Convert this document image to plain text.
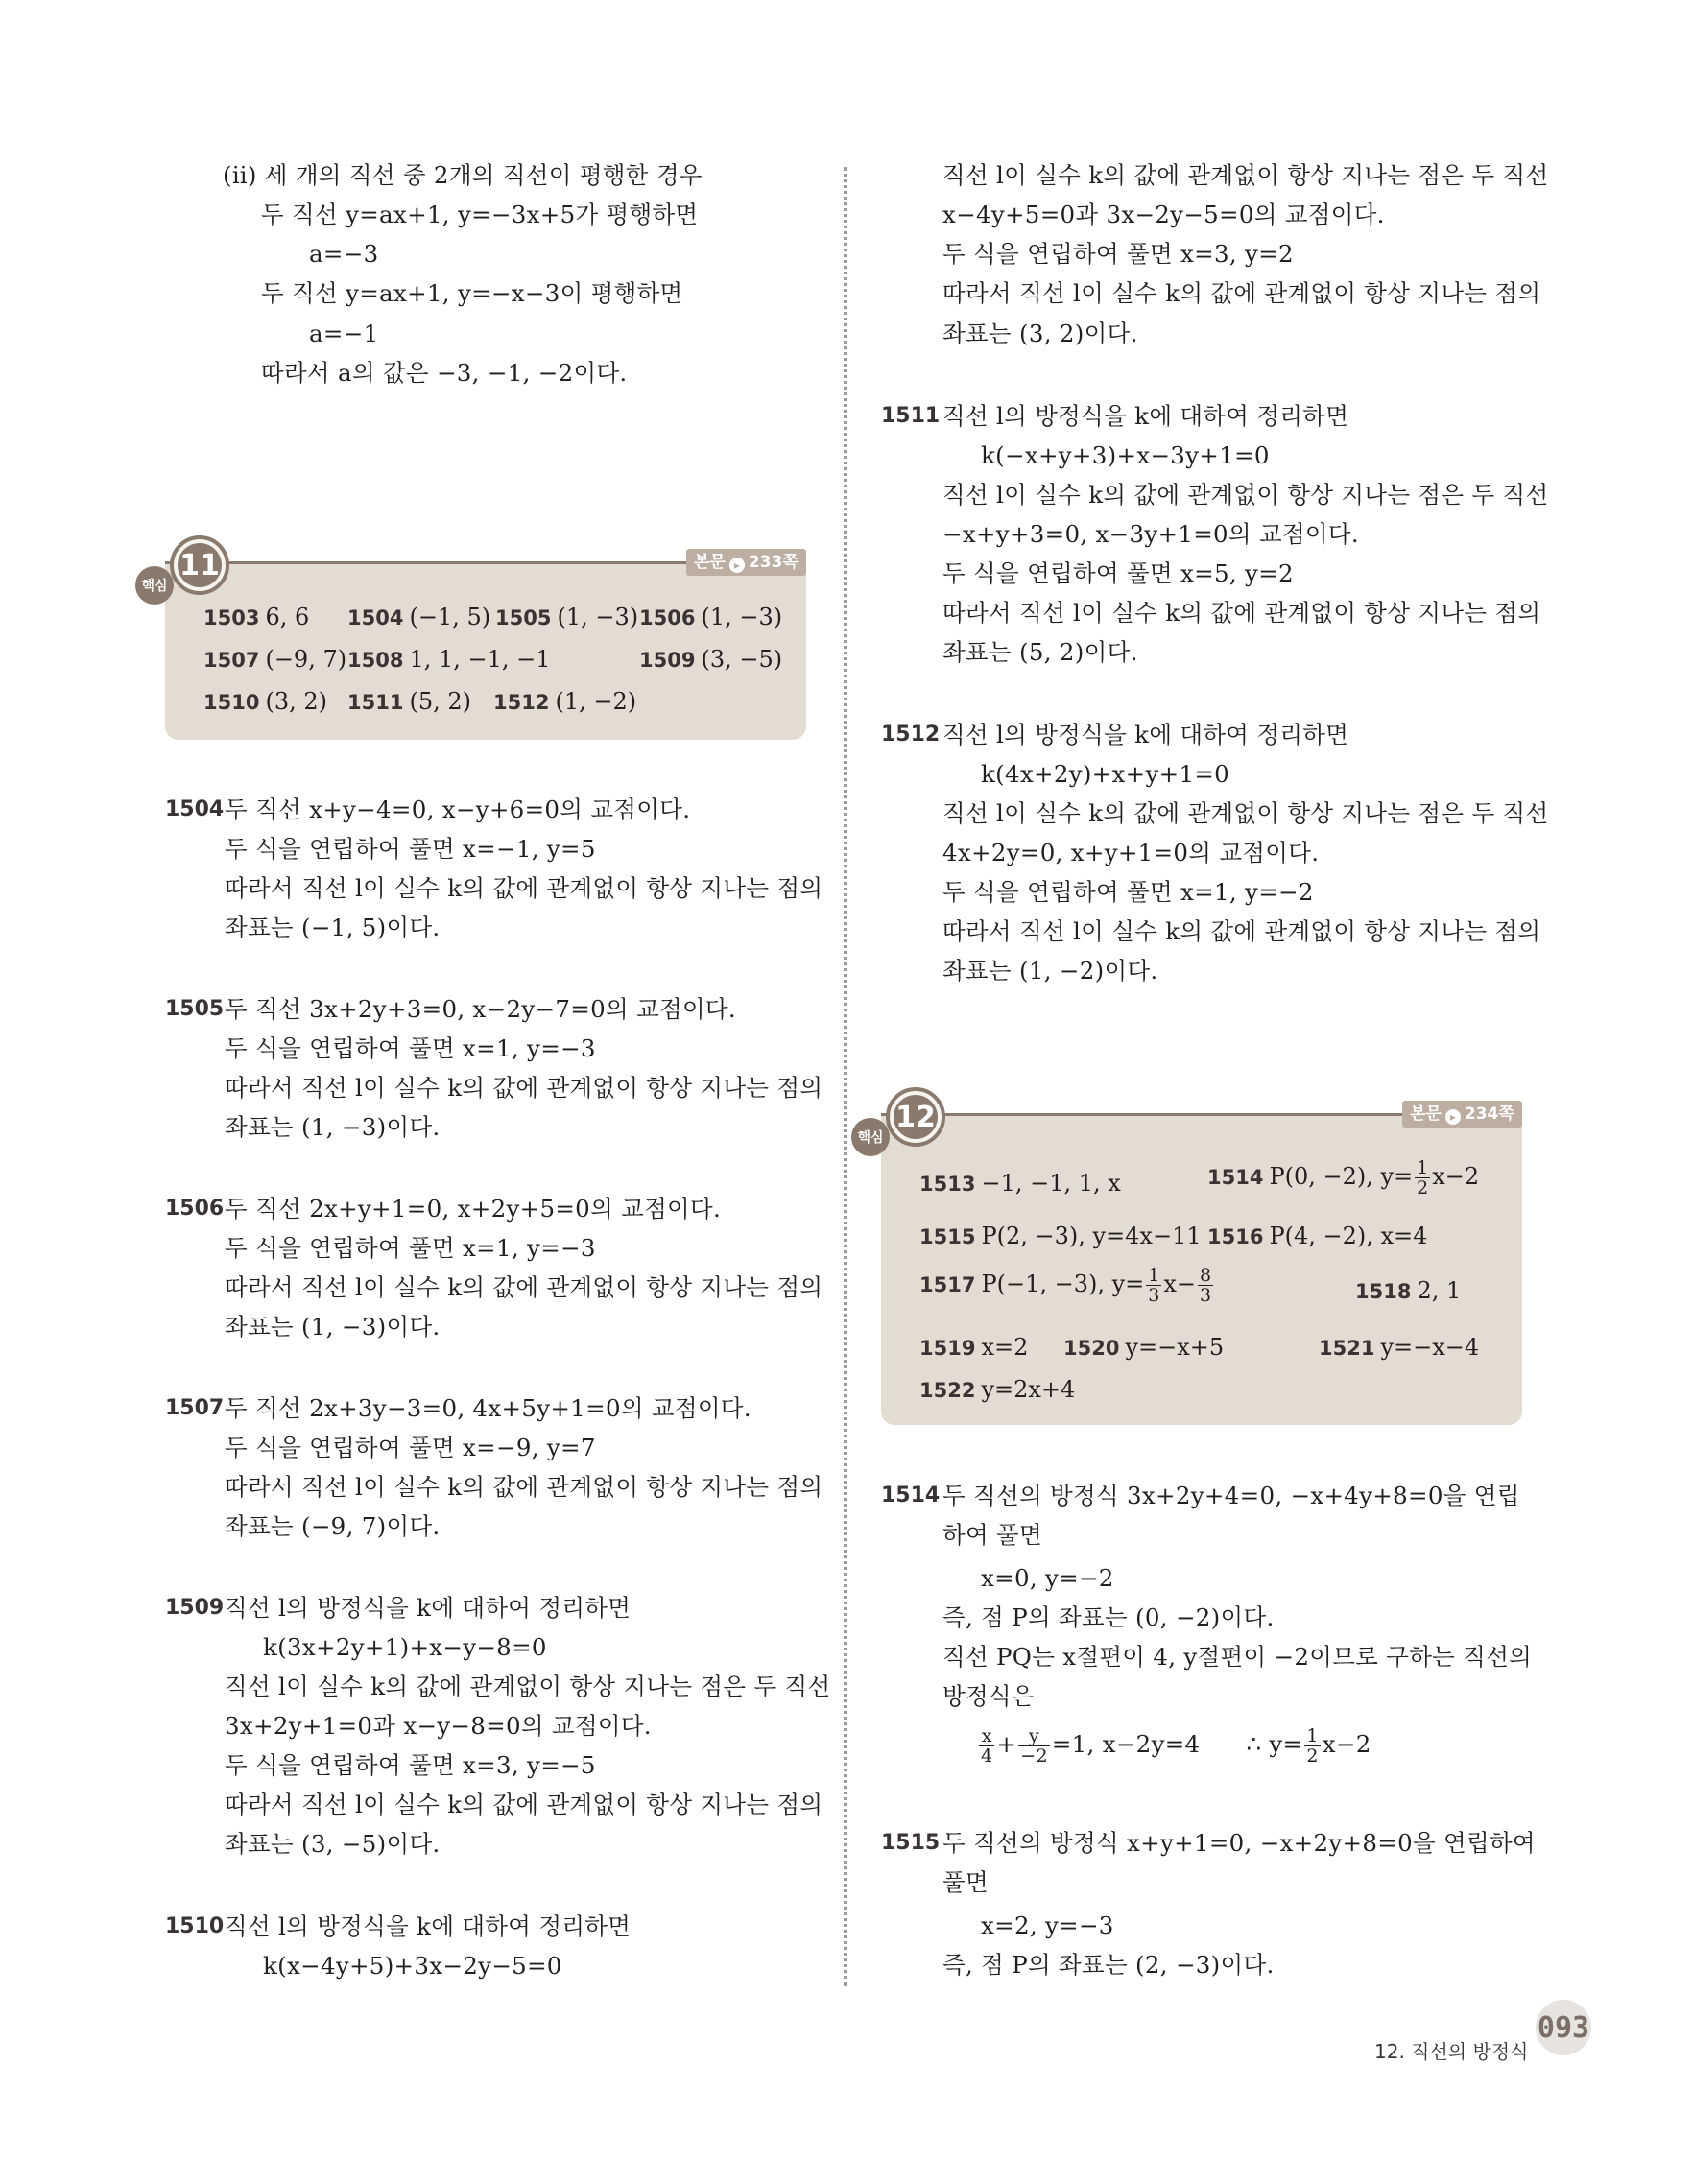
(ⅱ) 세 개의 직선 중 2개의 직선이 평행한 경우
두 직선 y=ax+1, y=−3x+5가 평행하면
a=−3
두 직선 y=ax+1, y=−x−3이 평행하면
a=−1
따라서 a의 값은 −3, −1, −2이다.
1503 6, 6 1504 (−1, 5) 1505 (1, −3) 1506 (1, −3)
1507 (−9, 7) 1508 1, 1, −1, −1	1509 (3, −5)
1510 (3, 2) 1511 (5, 2) 1512 (1, −2)
11
핵심
본문 ▸ 233쪽
1504 두 직선 x+y−4=0, x−y+6=0의 교점이다.
두 식을 연립하여 풀면 x=−1, y=5
따라서 직선 l이 실수 k의 값에 관계없이 항상 지나는 점의
좌표는 (−1, 5)이다.
1505 두 직선 3x+2y+3=0, x−2y−7=0의 교점이다.
두 식을 연립하여 풀면 x=1, y=−3
따라서 직선 l이 실수 k의 값에 관계없이 항상 지나는 점의
좌표는 (1, −3)이다.
1506 두 직선 2x+y+1=0, x+2y+5=0의 교점이다.
두 식을 연립하여 풀면 x=1, y=−3
따라서 직선 l이 실수 k의 값에 관계없이 항상 지나는 점의
좌표는 (1, −3)이다.
1507 두 직선 2x+3y−3=0, 4x+5y+1=0의 교점이다.
두 식을 연립하여 풀면 x=−9, y=7
따라서 직선 l이 실수 k의 값에 관계없이 항상 지나는 점의
좌표는 (−9, 7)이다.
1509 직선 l의 방정식을 k에 대하여 정리하면
k(3x+2y+1)+x−y−8=0
직선 l이 실수 k의 값에 관계없이 항상 지나는 점은 두 직선
3x+2y+1=0과 x−y−8=0의 교점이다.
두 식을 연립하여 풀면 x=3, y=−5
따라서 직선 l이 실수 k의 값에 관계없이 항상 지나는 점의
좌표는 (3, −5)이다.
1510 직선 l의 방정식을 k에 대하여 정리하면
k(x−4y+5)+3x−2y−5=0
직선 l이 실수 k의 값에 관계없이 항상 지나는 점은 두 직선
x−4y+5=0과 3x−2y−5=0의 교점이다.
두 식을 연립하여 풀면 x=3, y=2
따라서 직선 l이 실수 k의 값에 관계없이 항상 지나는 점의
좌표는 (3, 2)이다.
1511 직선 l의 방정식을 k에 대하여 정리하면
k(−x+y+3)+x−3y+1=0
직선 l이 실수 k의 값에 관계없이 항상 지나는 점은 두 직선
−x+y+3=0, x−3y+1=0의 교점이다.
두 식을 연립하여 풀면 x=5, y=2
따라서 직선 l이 실수 k의 값에 관계없이 항상 지나는 점의
좌표는 (5, 2)이다.
1512 직선 l의 방정식을 k에 대하여 정리하면
k(4x+2y)+x+y+1=0
직선 l이 실수 k의 값에 관계없이 항상 지나는 점은 두 직선
4x+2y=0, x+y+1=0의 교점이다.
두 식을 연립하여 풀면 x=1, y=−2
따라서 직선 l이 실수 k의 값에 관계없이 항상 지나는 점의
좌표는 (1, −2)이다.
1513 −1, −1, 1, x	1514 P(0, −2), $y= \frac{1}{2} x-2$
1515 P(2, −3), y=4x−11 1516 P(4, −2), x=4
1517 P(−1, −3), $y= \frac{1}{3} x- \frac{8}{3}$	1518 2, 1
1519 x=2 1520 y=−x+5	1521 y=−x−4
1522 y=2x+4
12
핵심
본문 ▸ 234쪽
1514 두 직선의 방정식 3x+2y+4=0, −x+4y+8=0을 연립
하여 풀면
x=0, y=−2
즉, 점 P의 좌표는 (0, −2)이다.
직선 PQ는 x절편이 4, y절편이 −2이므로 구하는 직선의
방정식은
$\frac{x}{4} + \frac{y}{-2} =1$, x−2y=4 ∴ $y= \frac{1}{2} x-2$
1515 두 직선의 방정식 x+y+1=0, −x+2y+8=0을 연립하여
풀면
x=2, y=−3
즉, 점 P의 좌표는 (2, −3)이다.
12. 직선의 방정식
093
